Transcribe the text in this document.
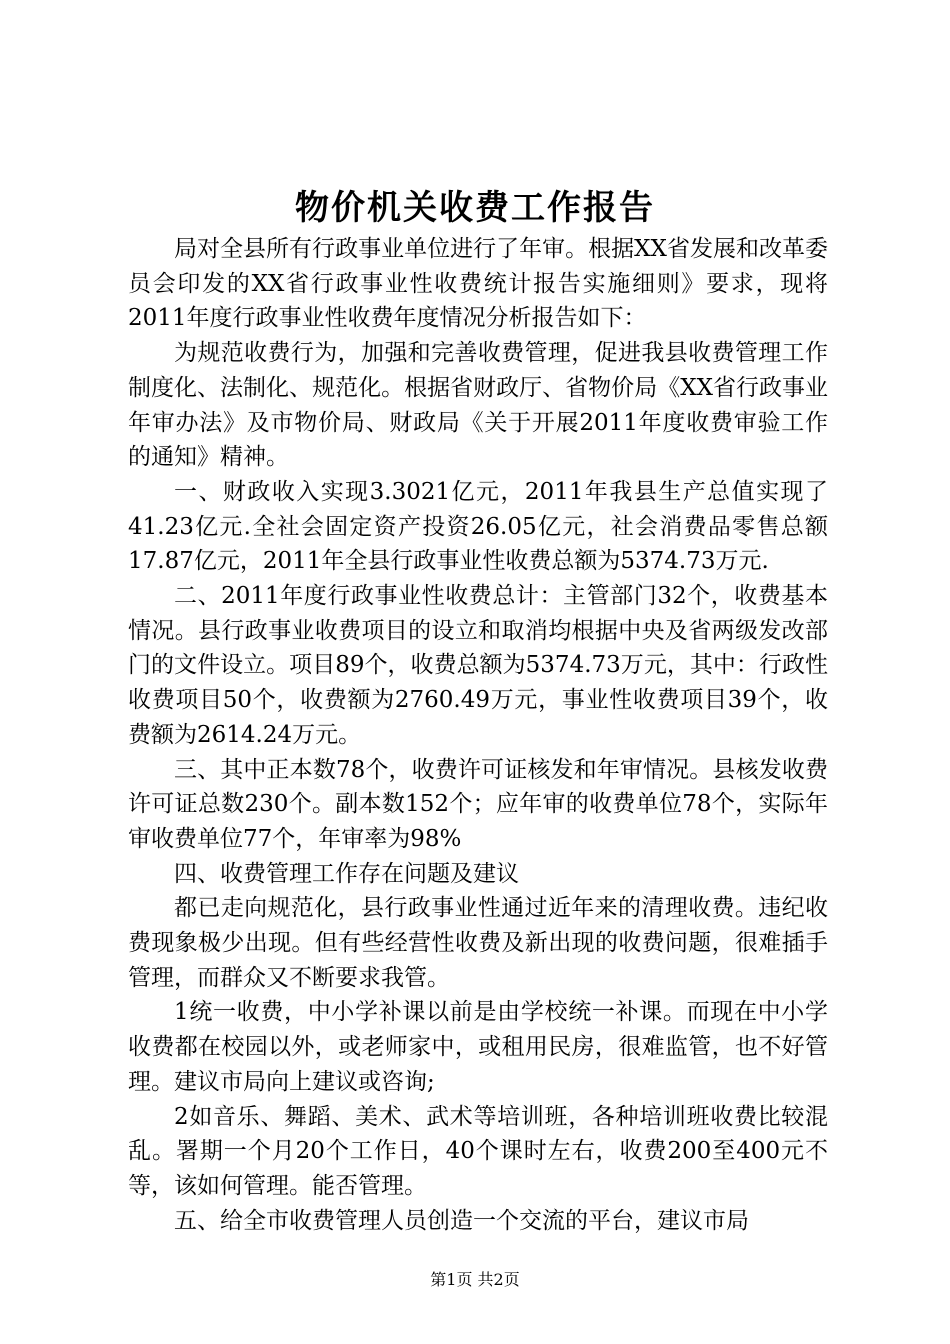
物价机关收费工作报告

局对全县所有行政事业单位进行了年审。根据XX省发展和改革委员会印发的XX省行政事业性收费统计报告实施细则》要求，现将2011年度行政事业性收费年度情况分析报告如下：

为规范收费行为，加强和完善收费管理，促进我县收费管理工作制度化、法制化、规范化。根据省财政厅、省物价局《XX省行政事业年审办法》及市物价局、财政局《关于开展2011年度收费审验工作的通知》精神。

一、财政收入实现3.3021亿元，2011年我县生产总值实现了41.23亿元.全社会固定资产投资26.05亿元，社会消费品零售总额17.87亿元，2011年全县行政事业性收费总额为5374.73万元.

二、2011年度行政事业性收费总计：主管部门32个，收费基本情况。县行政事业收费项目的设立和取消均根据中央及省两级发改部门的文件设立。项目89个，收费总额为5374.73万元，其中：行政性收费项目50个，收费额为2760.49万元，事业性收费项目39个，收费额为2614.24万元。

三、其中正本数78个，收费许可证核发和年审情况。县核发收费许可证总数230个。副本数152个；应年审的收费单位78个，实际年审收费单位77个，年审率为98%

四、收费管理工作存在问题及建议

都已走向规范化，县行政事业性通过近年来的清理收费。违纪收费现象极少出现。但有些经营性收费及新出现的收费问题，很难插手管理，而群众又不断要求我管。

1统一收费，中小学补课以前是由学校统一补课。而现在中小学收费都在校园以外，或老师家中，或租用民房，很难监管，也不好管理。建议市局向上建议或咨询;

2如音乐、舞蹈、美术、武术等培训班，各种培训班收费比较混乱。署期一个月20个工作日，40个课时左右，收费200至400元不等，该如何管理。能否管理。

五、给全市收费管理人员创造一个交流的平台，建议市局

第1页 共2页
